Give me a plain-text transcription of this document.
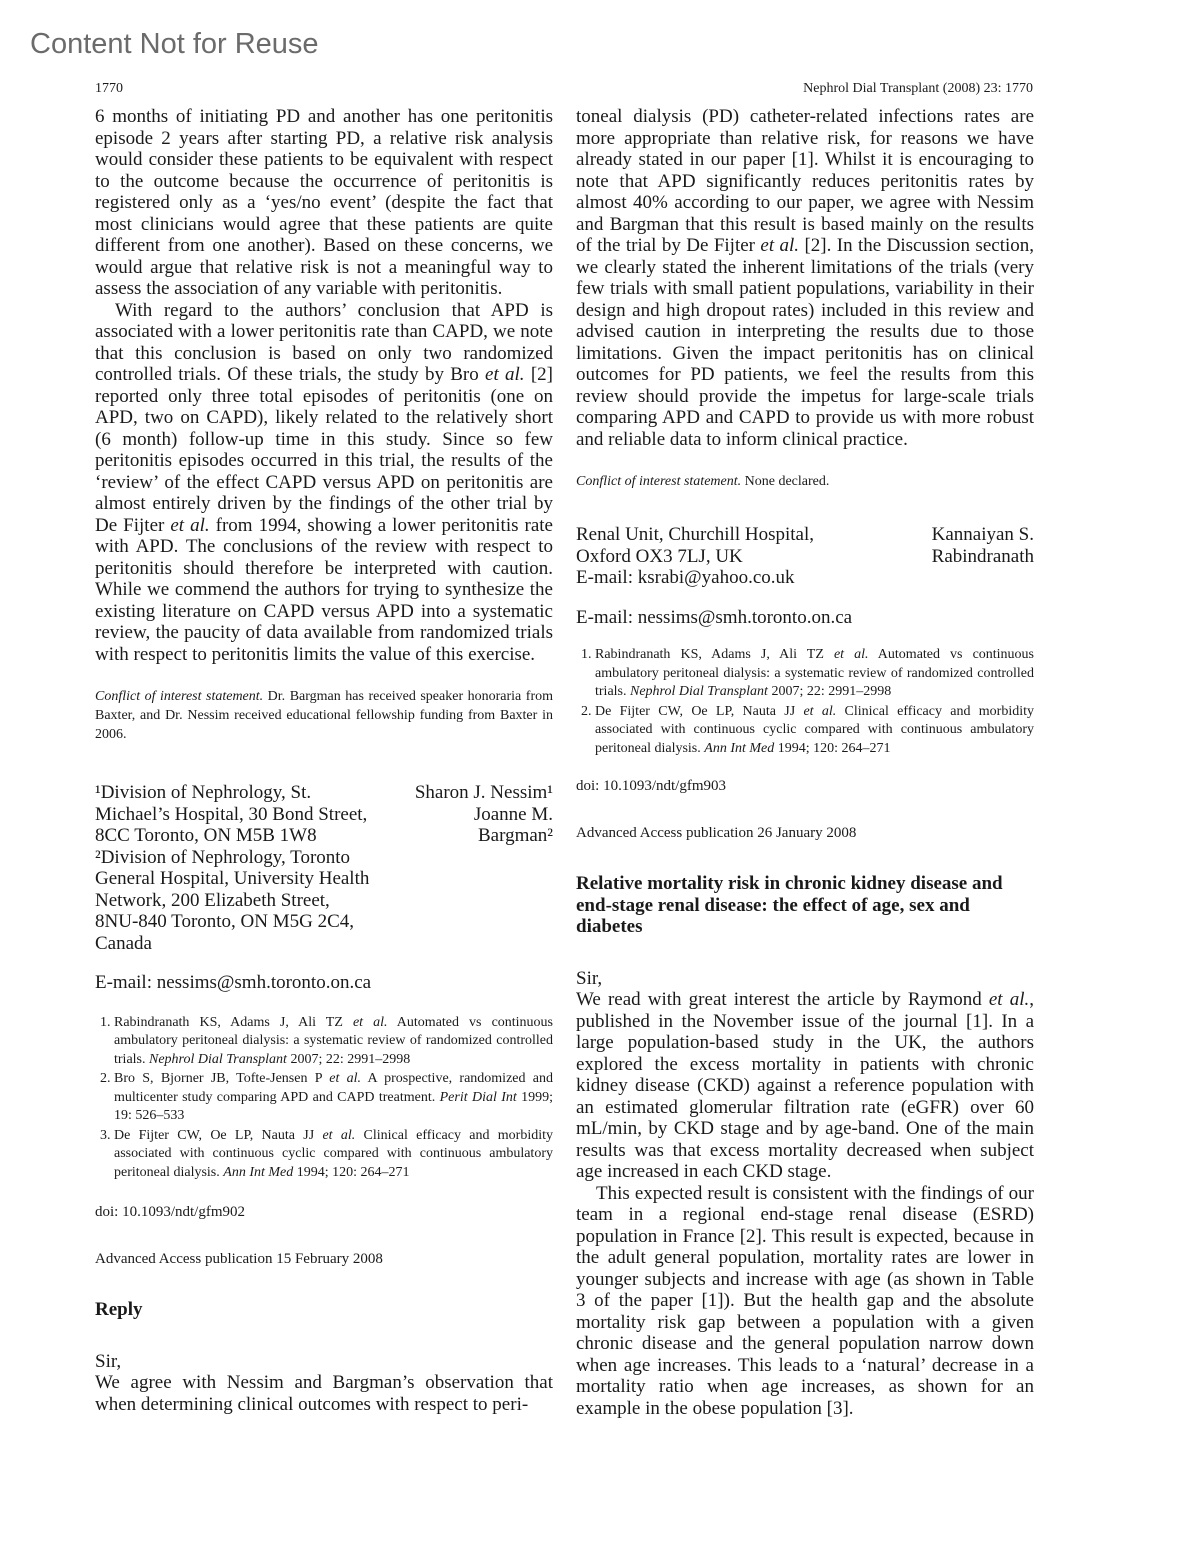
Content Not for Reuse
1770	Nephrol Dial Transplant (2008) 23: 1770

6 months of initiating PD and another has one peritonitis episode 2 years after starting PD, a relative risk analysis would consider these patients to be equivalent with respect to the outcome because the occurrence of peritonitis is registered only as a ‘yes/no event’ (despite the fact that most clinicians would agree that these patients are quite different from one another). Based on these concerns, we would argue that relative risk is not a meaningful way to assess the association of any variable with peritonitis.

With regard to the authors’ conclusion that APD is associated with a lower peritonitis rate than CAPD, we note that this conclusion is based on only two randomized controlled trials. Of these trials, the study by Bro et al. [2] reported only three total episodes of peritonitis (one on APD, two on CAPD), likely related to the relatively short (6 month) follow-up time in this study. Since so few peritonitis episodes occurred in this trial, the results of the ‘review’ of the effect CAPD versus APD on peritonitis are almost entirely driven by the findings of the other trial by De Fijter et al. from 1994, showing a lower peritonitis rate with APD. The conclusions of the review with respect to peritonitis should therefore be interpreted with caution. While we commend the authors for trying to synthesize the existing literature on CAPD versus APD into a systematic review, the paucity of data available from randomized trials with respect to peritonitis limits the value of this exercise.

Conflict of interest statement. Dr. Bargman has received speaker honoraria from Baxter, and Dr. Nessim received educational fellowship funding from Baxter in 2006.
¹Division of Nephrology, St.
Michael’s Hospital, 30 Bond Street,
8CC Toronto, ON M5B 1W8
²Division of Nephrology, Toronto
General Hospital, University Health
Network, 200 Elizabeth Street,
8NU-840 Toronto, ON M5G 2C4,
Canada
Sharon J. Nessim¹
Joanne M.
Bargman²
E-mail: nessims@smh.toronto.on.ca
1. Rabindranath KS, Adams J, Ali TZ et al. Automated vs continuous ambulatory peritoneal dialysis: a systematic review of randomized controlled trials. Nephrol Dial Transplant 2007; 22: 2991–2998
2. Bro S, Bjorner JB, Tofte-Jensen P et al. A prospective, randomized and multicenter study comparing APD and CAPD treatment. Perit Dial Int 1999; 19: 526–533
3. De Fijter CW, Oe LP, Nauta JJ et al. Clinical efficacy and morbidity associated with continuous cyclic compared with continuous ambulatory peritoneal dialysis. Ann Int Med 1994; 120: 264–271
doi: 10.1093/ndt/gfm902
Advanced Access publication 15 February 2008
Reply
Sir,

We agree with Nessim and Bargman’s observation that when determining clinical outcomes with respect to peri-

toneal dialysis (PD) catheter-related infections rates are more appropriate than relative risk, for reasons we have already stated in our paper [1]. Whilst it is encouraging to note that APD significantly reduces peritonitis rates by almost 40% according to our paper, we agree with Nessim and Bargman that this result is based mainly on the results of the trial by De Fijter et al. [2]. In the Discussion section, we clearly stated the inherent limitations of the trials (very few trials with small patient populations, variability in their design and high dropout rates) included in this review and advised caution in interpreting the results due to those limitations. Given the impact peritonitis has on clinical outcomes for PD patients, we feel the results from this review should provide the impetus for large-scale trials comparing APD and CAPD to provide us with more robust and reliable data to inform clinical practice.

Conflict of interest statement. None declared.
Renal Unit, Churchill Hospital,
Oxford OX3 7LJ, UK
E-mail: ksrabi@yahoo.co.uk
Kannaiyan S.
Rabindranath
E-mail: nessims@smh.toronto.on.ca
1. Rabindranath KS, Adams J, Ali TZ et al. Automated vs continuous ambulatory peritoneal dialysis: a systematic review of randomized controlled trials. Nephrol Dial Transplant 2007; 22: 2991–2998
2. De Fijter CW, Oe LP, Nauta JJ et al. Clinical efficacy and morbidity associated with continuous cyclic compared with continuous ambulatory peritoneal dialysis. Ann Int Med 1994; 120: 264–271
doi: 10.1093/ndt/gfm903
Advanced Access publication 26 January 2008
Relative mortality risk in chronic kidney disease and end-stage renal disease: the effect of age, sex and diabetes
Sir,

We read with great interest the article by Raymond et al., published in the November issue of the journal [1]. In a large population-based study in the UK, the authors explored the excess mortality in patients with chronic kidney disease (CKD) against a reference population with an estimated glomerular filtration rate (eGFR) over 60 mL/min, by CKD stage and by age-band. One of the main results was that excess mortality decreased when subject age increased in each CKD stage.

This expected result is consistent with the findings of our team in a regional end-stage renal disease (ESRD) population in France [2]. This result is expected, because in the adult general population, mortality rates are lower in younger subjects and increase with age (as shown in Table 3 of the paper [1]). But the health gap and the absolute mortality risk gap between a population with a given chronic disease and the general population narrow down when age increases. This leads to a ‘natural’ decrease in a mortality ratio when age increases, as shown for an example in the obese population [3].
